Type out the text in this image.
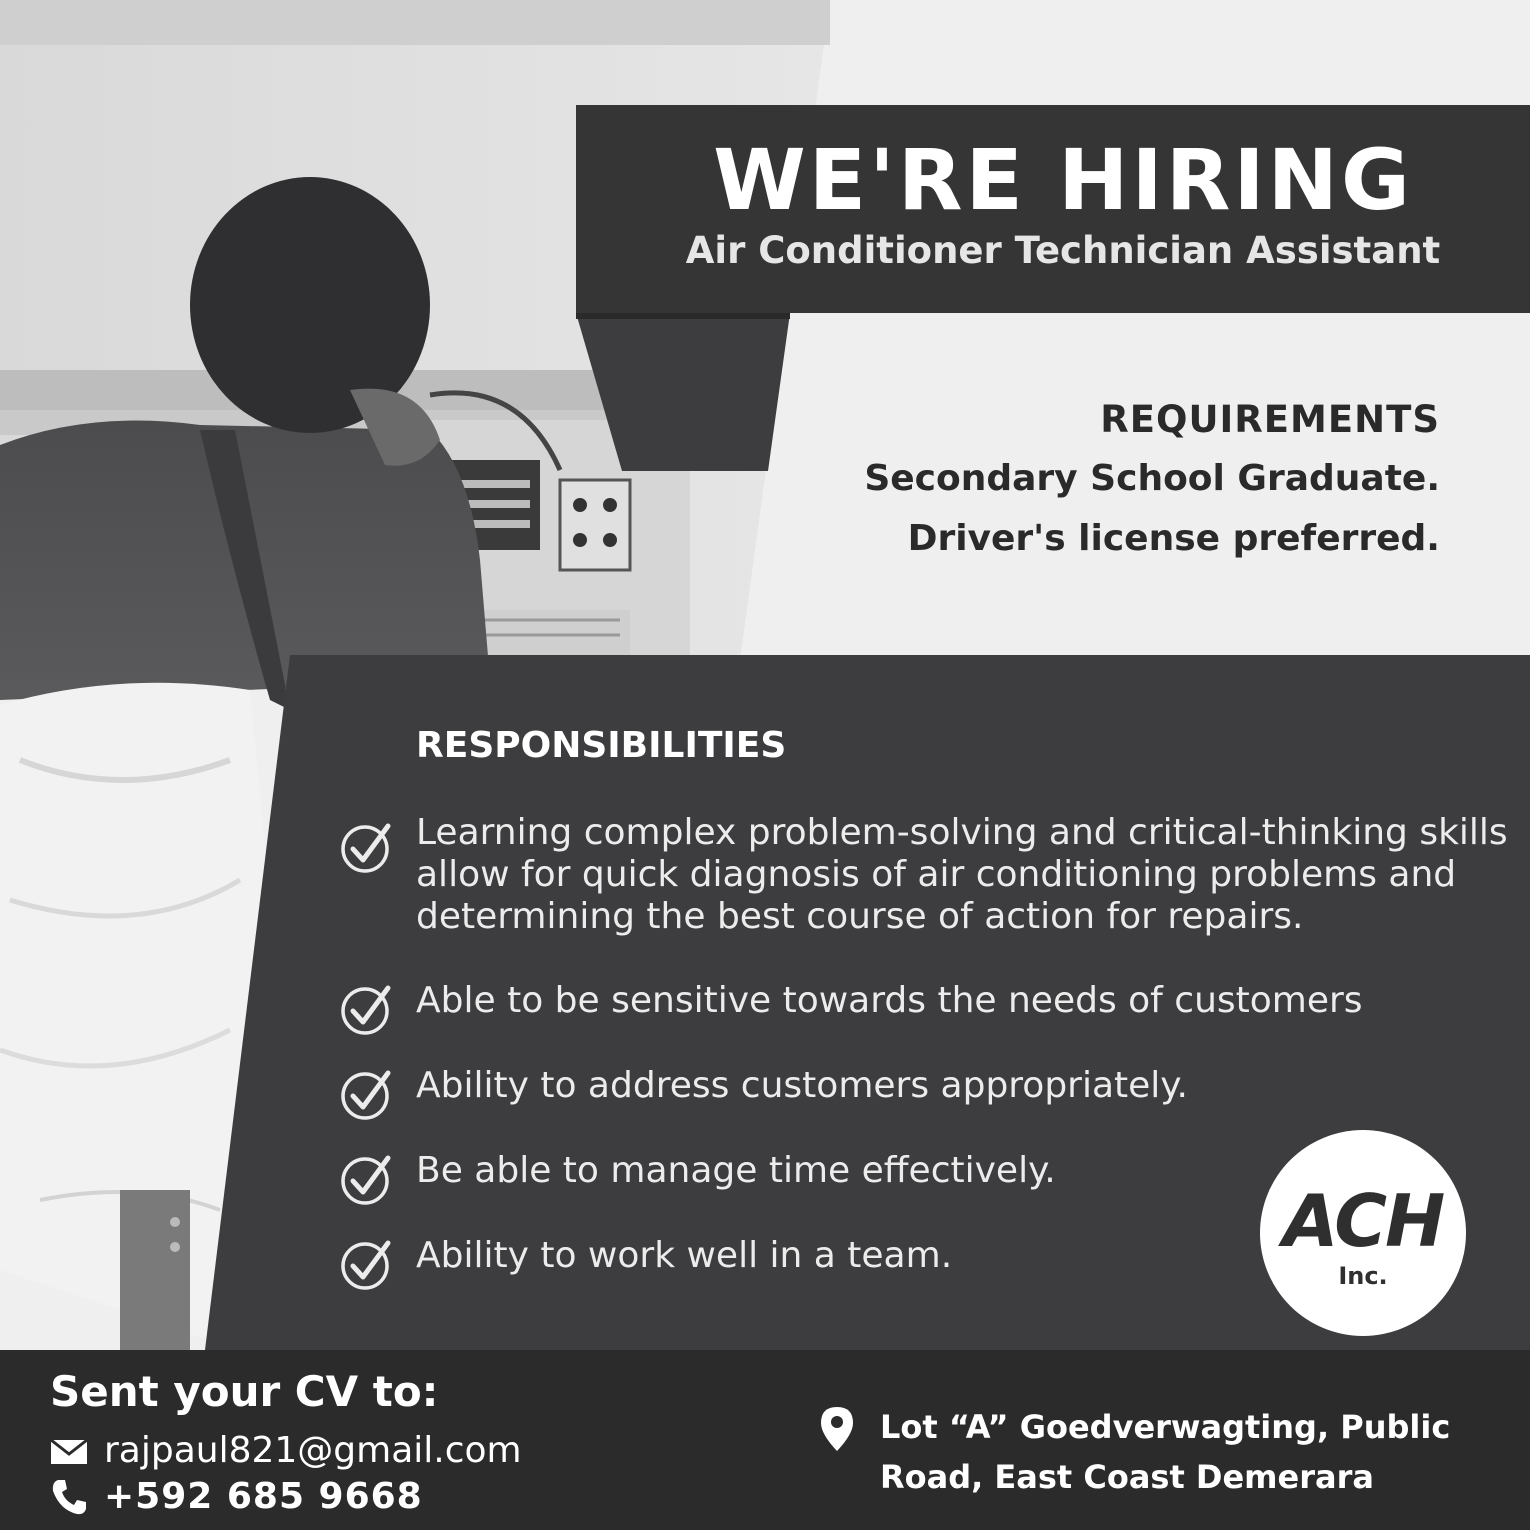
WE'RE HIRING

Air Conditioner Technician Assistant

REQUIREMENTS

Secondary School Graduate.

Driver's license preferred.

RESPONSIBILITIES
Learning complex problem-solving and critical-thinking skills allow for quick diagnosis of air conditioning problems and determining the best course of action for repairs.
Able to be sensitive towards the needs of customers
Ability to address customers appropriately.
Be able to manage time effectively.
Ability to work well in a team.	ACH
Inc.
Sent your CV to:
rajpaul821@gmail.com
+592 685 9668
Lot “A” Goedverwagting, Public
Road, East Coast Demerara
